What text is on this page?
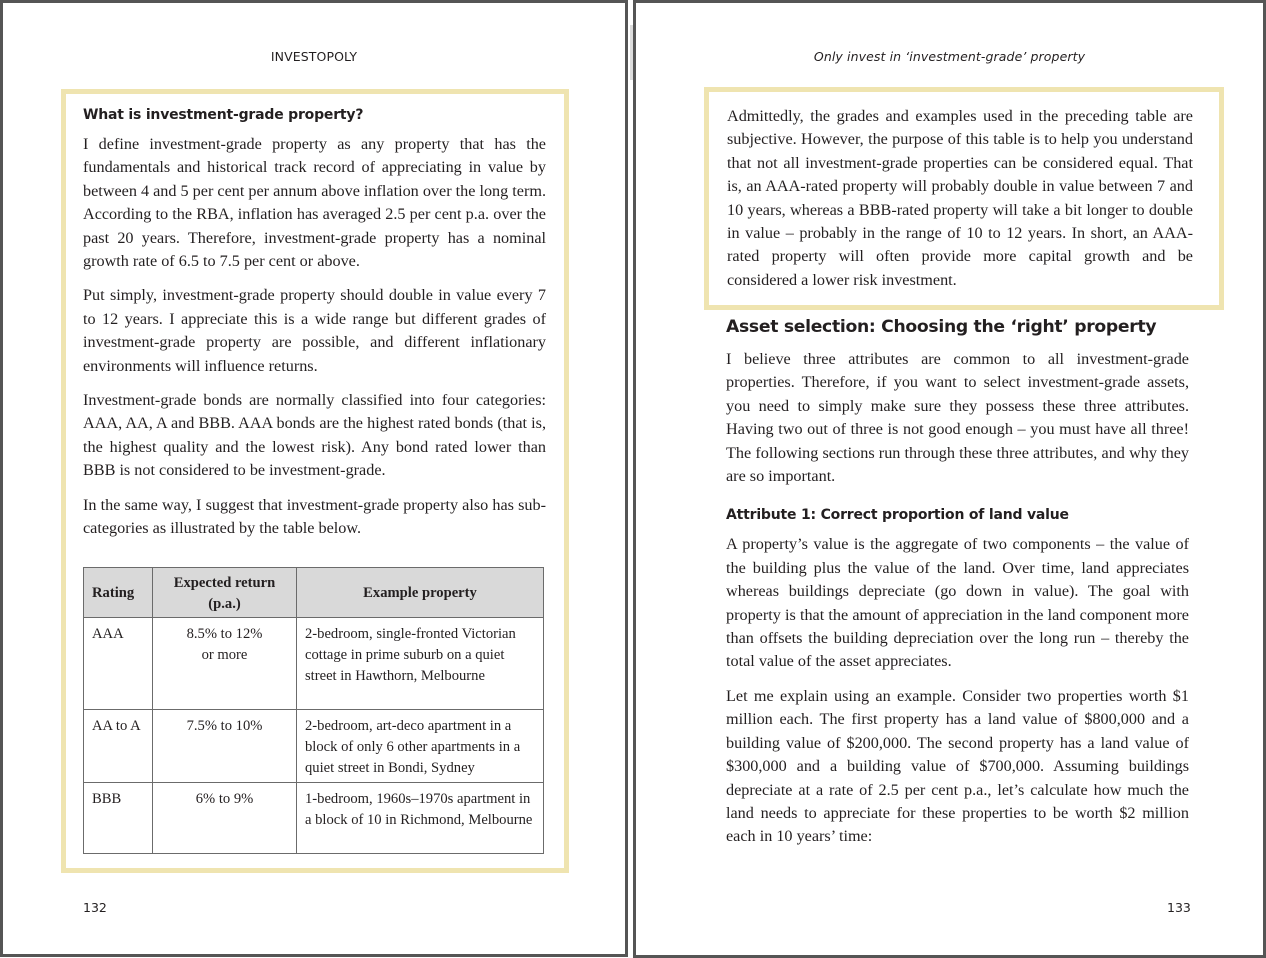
INVESTOPOLY
What is investment-grade property?

I define investment-grade property as any property that has the fundamentals and historical track record of appreciating in value by between 4 and 5 per cent per annum above inflation over the long term. According to the RBA, inflation has averaged 2.5 per cent p.a. over the past 20 years. Therefore, investment-grade property has a nominal growth rate of 6.5 to 7.5 per cent or above.

Put simply, investment-grade property should double in value every 7 to 12 years. I appreciate this is a wide range but different grades of investment-grade property are possible, and different inflationary environments will influence returns.

Investment-grade bonds are normally classified into four categories: AAA, AA, A and BBB. AAA bonds are the highest rated bonds (that is, the highest quality and the lowest risk). Any bond rated lower than BBB is not considered to be investment-grade.

In the same way, I suggest that investment-grade property also has sub-categories as illustrated by the table below.

Rating	Expected return (p.a.)	Example property
AAA	8.5% to 12% or more	2-bedroom, single-fronted Victorian cottage in prime suburb on a quiet street in Hawthorn, Melbourne
AA to A	7.5% to 10%	2-bedroom, art-deco apartment in a block of only 6 other apartments in a quiet street in Bondi, Sydney
BBB	6% to 9%	1-bedroom, 1960s–1970s apartment in a block of 10 in Richmond, Melbourne
132
Only invest in ‘investment-grade’ property

Admittedly, the grades and examples used in the preceding table are subjective. However, the purpose of this table is to help you understand that not all investment-grade properties can be considered equal. That is, an AAA-rated property will probably double in value between 7 and 10 years, whereas a BBB-rated property will take a bit longer to double in value – probably in the range of 10 to 12 years. In short, an AAA-rated property will often provide more capital growth and be considered a lower risk investment.

Asset selection: Choosing the ‘right’ property

I believe three attributes are common to all investment-grade properties. Therefore, if you want to select investment-grade assets, you need to simply make sure they possess these three attributes. Having two out of three is not good enough – you must have all three! The following sections run through these three attributes, and why they are so important.

Attribute 1: Correct proportion of land value

A property’s value is the aggregate of two components – the value of the building plus the value of the land. Over time, land appreciates whereas buildings depreciate (go down in value). The goal with property is that the amount of appreciation in the land component more than offsets the building depreciation over the long run – thereby the total value of the asset appreciates.

Let me explain using an example. Consider two properties worth $1 million each. The first property has a land value of $800,000 and a building value of $200,000. The second property has a land value of $300,000 and a building value of $700,000. Assuming buildings depreciate at a rate of 2.5 per cent p.a., let’s calculate how much the land needs to appreciate for these properties to be worth $2 million each in 10 years’ time:

133
